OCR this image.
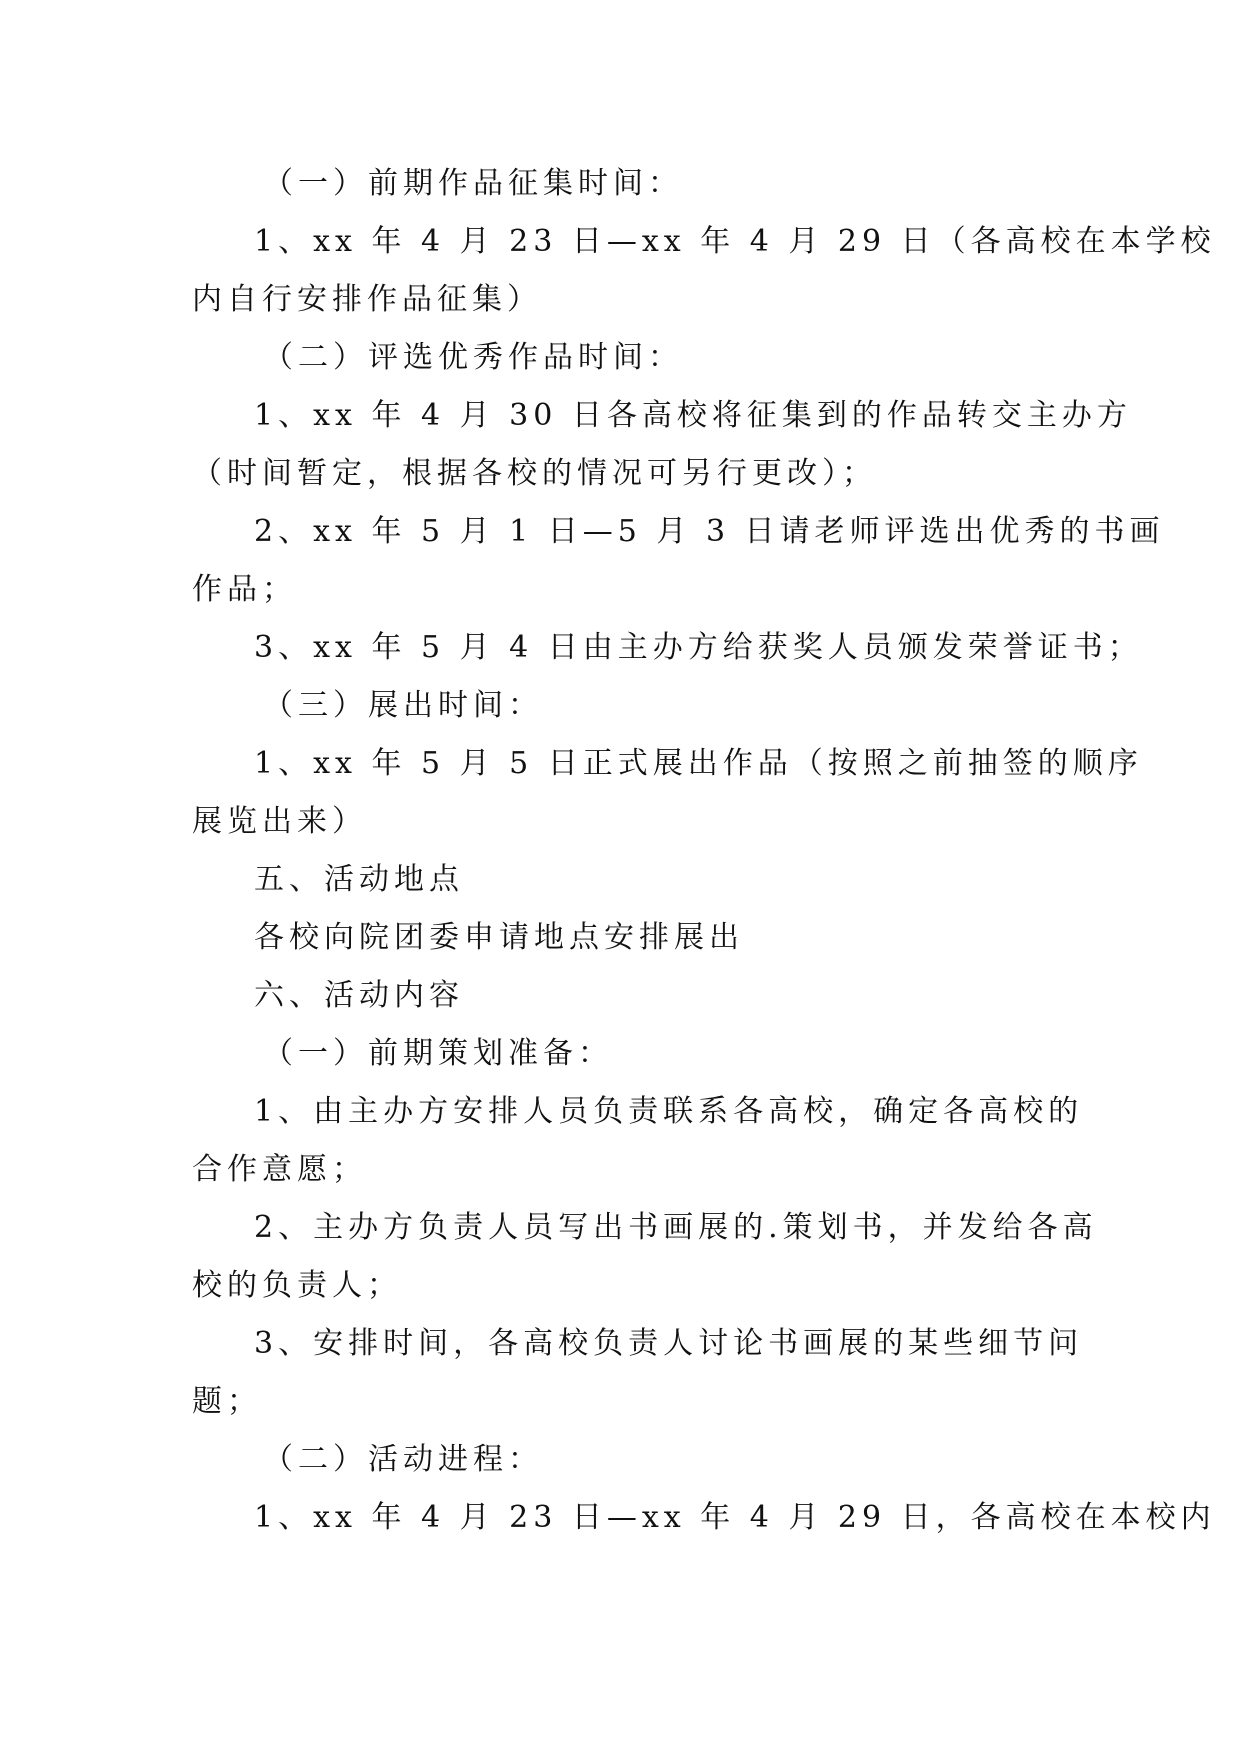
（一）前期作品征集时间：
1、xx 年 4 月 23 日—xx 年 4 月 29 日（各高校在本学校
内自行安排作品征集）
（二）评选优秀作品时间：
1、xx 年 4 月 30 日各高校将征集到的作品转交主办方
（时间暂定，根据各校的情况可另行更改）；
2、xx 年 5 月 1 日—5 月 3 日请老师评选出优秀的书画
作品；
3、xx 年 5 月 4 日由主办方给获奖人员颁发荣誉证书；
（三）展出时间：
1、xx 年 5 月 5 日正式展出作品（按照之前抽签的顺序
展览出来）
五、活动地点
各校向院团委申请地点安排展出
六、活动内容
（一）前期策划准备：
1、由主办方安排人员负责联系各高校，确定各高校的
合作意愿；
2、主办方负责人员写出书画展的.策划书，并发给各高
校的负责人；
3、安排时间，各高校负责人讨论书画展的某些细节问
题；
（二）活动进程：
1、xx 年 4 月 23 日—xx 年 4 月 29 日，各高校在本校内
